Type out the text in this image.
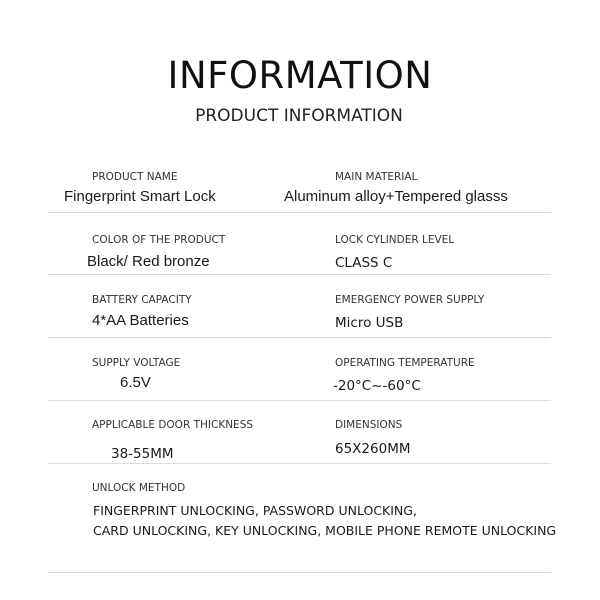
INFORMATION
PRODUCT INFORMATION
PRODUCT NAME
Fingerprint Smart Lock
MAIN MATERIAL
Aluminum alloy+Tempered glasss
COLOR OF THE PRODUCT
Black/ Red bronze
LOCK CYLINDER LEVEL
CLASS C
BATTERY CAPACITY
4*AA Batteries
EMERGENCY POWER SUPPLY
Micro USB
SUPPLY VOLTAGE
6.5V
OPERATING TEMPERATURE
-20°C~-60°C
APPLICABLE DOOR THICKNESS
38-55MM
DIMENSIONS
65X260MM
UNLOCK METHOD
FINGERPRINT UNLOCKING, PASSWORD UNLOCKING,
CARD UNLOCKING, KEY UNLOCKING, MOBILE PHONE REMOTE UNLOCKING
